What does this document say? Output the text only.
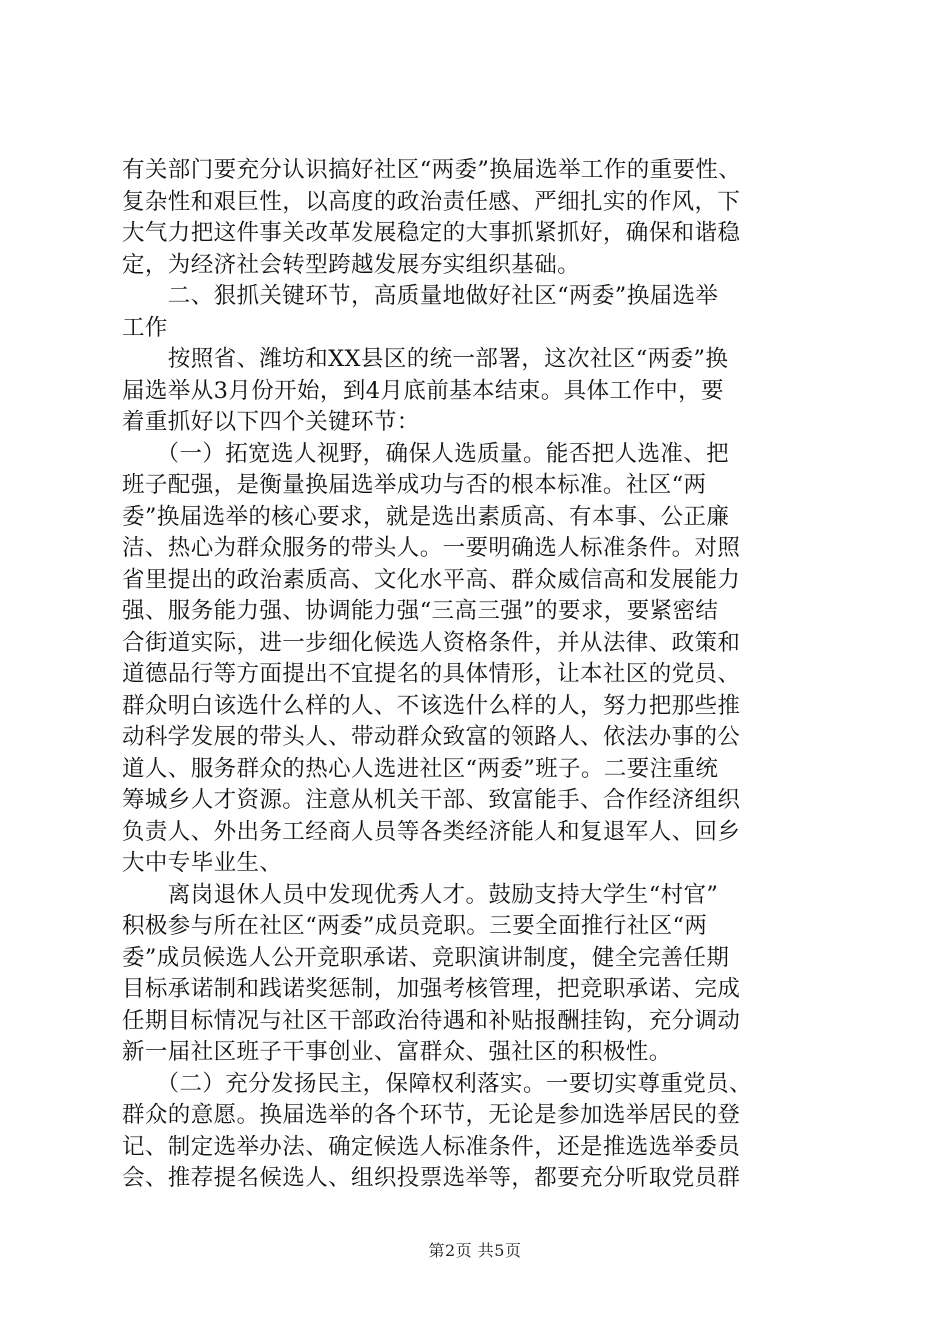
有关部门要充分认识搞好社区“两委”换届选举工作的重要性、
复杂性和艰巨性，以高度的政治责任感、严细扎实的作风，下
大气力把这件事关改革发展稳定的大事抓紧抓好，确保和谐稳
定，为经济社会转型跨越发展夯实组织基础。
　　二、狠抓关键环节，高质量地做好社区“两委”换届选举
工作
　　按照省、潍坊和XX县区的统一部署，这次社区“两委”换
届选举从3月份开始，到4月底前基本结束。具体工作中，要
着重抓好以下四个关键环节：
　　（一）拓宽选人视野，确保人选质量。能否把人选准、把
班子配强，是衡量换届选举成功与否的根本标准。社区“两
委”换届选举的核心要求，就是选出素质高、有本事、公正廉
洁、热心为群众服务的带头人。一要明确选人标准条件。对照
省里提出的政治素质高、文化水平高、群众威信高和发展能力
强、服务能力强、协调能力强“三高三强”的要求，要紧密结
合街道实际，进一步细化候选人资格条件，并从法律、政策和
道德品行等方面提出不宜提名的具体情形，让本社区的党员、
群众明白该选什么样的人、不该选什么样的人，努力把那些推
动科学发展的带头人、带动群众致富的领路人、依法办事的公
道人、服务群众的热心人选进社区“两委”班子。二要注重统
筹城乡人才资源。注意从机关干部、致富能手、合作经济组织
负责人、外出务工经商人员等各类经济能人和复退军人、回乡
大中专毕业生、
　　离岗退休人员中发现优秀人才。鼓励支持大学生“村官”
积极参与所在社区“两委”成员竞职。三要全面推行社区“两
委”成员候选人公开竞职承诺、竞职演讲制度，健全完善任期
目标承诺制和践诺奖惩制，加强考核管理，把竞职承诺、完成
任期目标情况与社区干部政治待遇和补贴报酬挂钩，充分调动
新一届社区班子干事创业、富群众、强社区的积极性。
　　（二）充分发扬民主，保障权利落实。一要切实尊重党员、
群众的意愿。换届选举的各个环节，无论是参加选举居民的登
记、制定选举办法、确定候选人标准条件，还是推选选举委员
会、推荐提名候选人、组织投票选举等，都要充分听取党员群
第2页 共5页
